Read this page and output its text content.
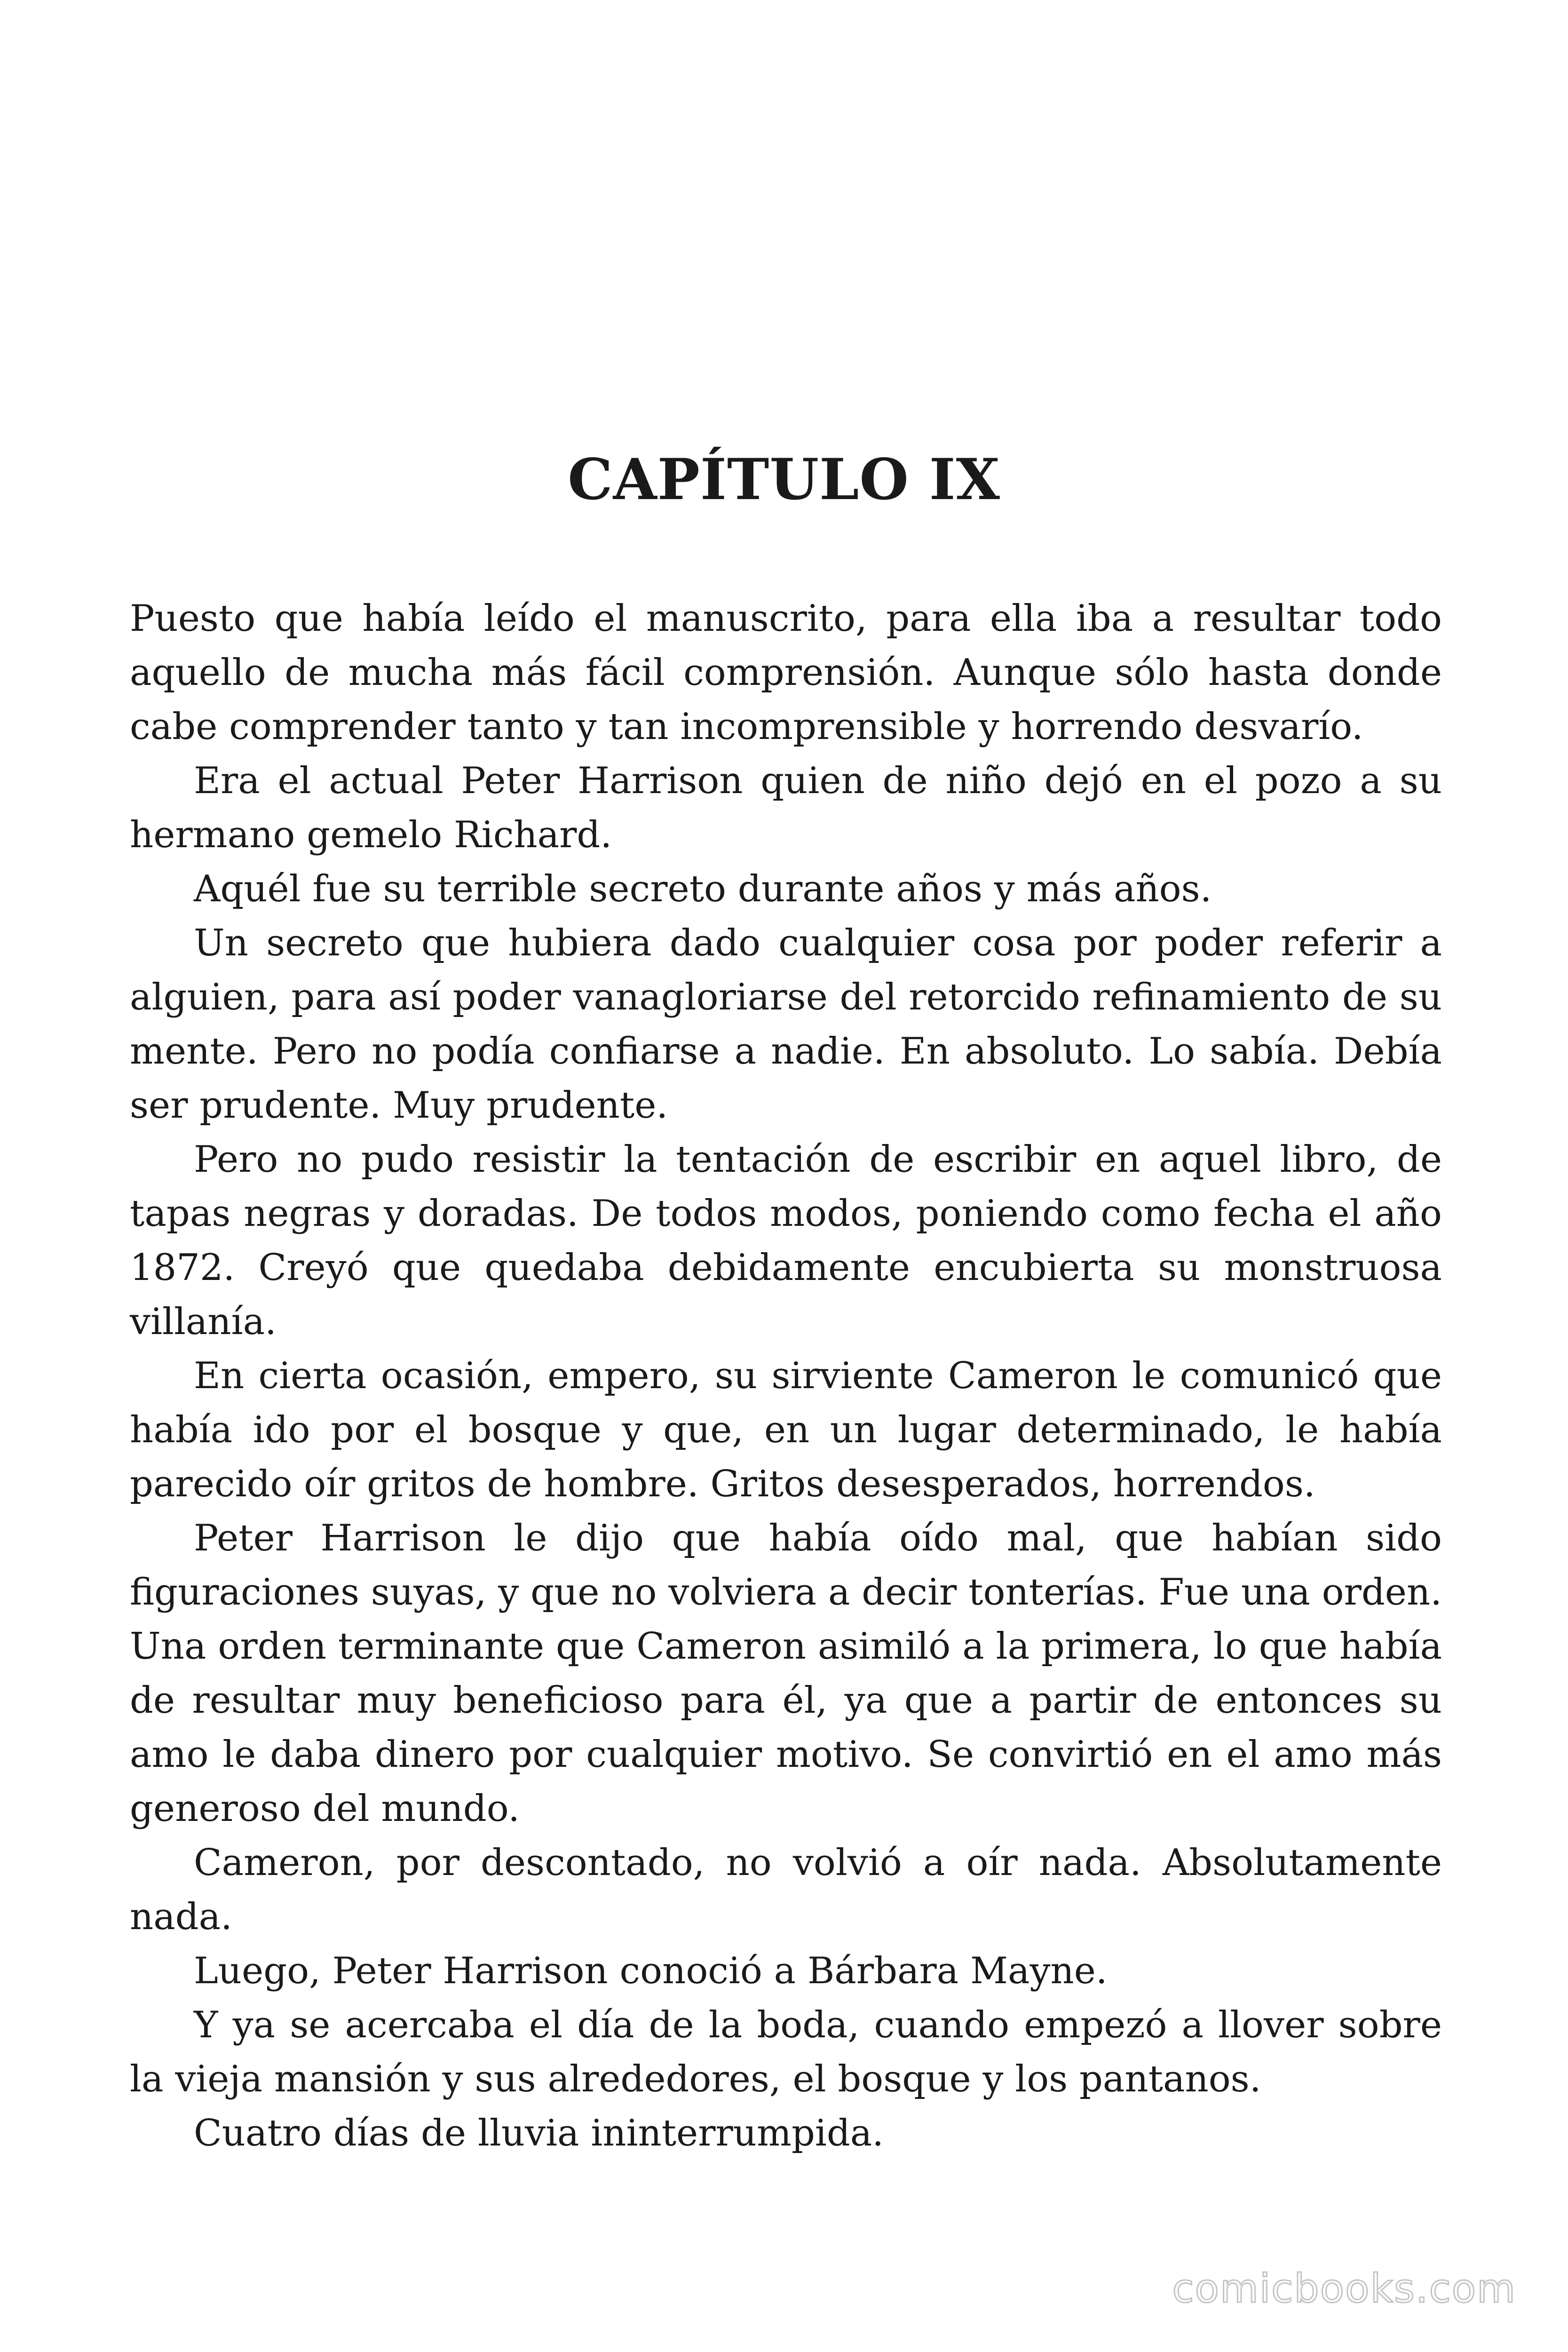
CAPÍTULO IX

Puesto que había leído el manuscrito, para ella iba a resultar todo aquello de mucha más fácil comprensión. Aunque sólo hasta donde cabe comprender tanto y tan incomprensible y horrendo desvarío.

Era el actual Peter Harrison quien de niño dejó en el pozo a su hermano gemelo Richard.

Aquél fue su terrible secreto durante años y más años.

Un secreto que hubiera dado cualquier cosa por poder referir a alguien, para así poder vanagloriarse del retorcido refinamiento de su mente. Pero no podía confiarse a nadie. En absoluto. Lo sabía. Debía ser prudente. Muy prudente.

Pero no pudo resistir la tentación de escribir en aquel libro, de tapas negras y doradas. De todos modos, poniendo como fecha el año 1872. Creyó que quedaba debidamente encubierta su monstruosa villanía.

En cierta ocasión, empero, su sirviente Cameron le comunicó que había ido por el bosque y que, en un lugar determinado, le había parecido oír gritos de hombre. Gritos desesperados, horrendos.

Peter Harrison le dijo que había oído mal, que habían sido figuraciones suyas, y que no volviera a decir tonterías. Fue una orden. Una orden terminante que Cameron asimiló a la primera, lo que había de resultar muy beneficioso para él, ya que a partir de entonces su amo le daba dinero por cualquier motivo. Se convirtió en el amo más generoso del mundo.

Cameron, por descontado, no volvió a oír nada. Absolutamente nada.

Luego, Peter Harrison conoció a Bárbara Mayne.

Y ya se acercaba el día de la boda, cuando empezó a llover sobre la vieja mansión y sus alrededores, el bosque y los pantanos.

Cuatro días de lluvia ininterrumpida.

comicbooks.com
